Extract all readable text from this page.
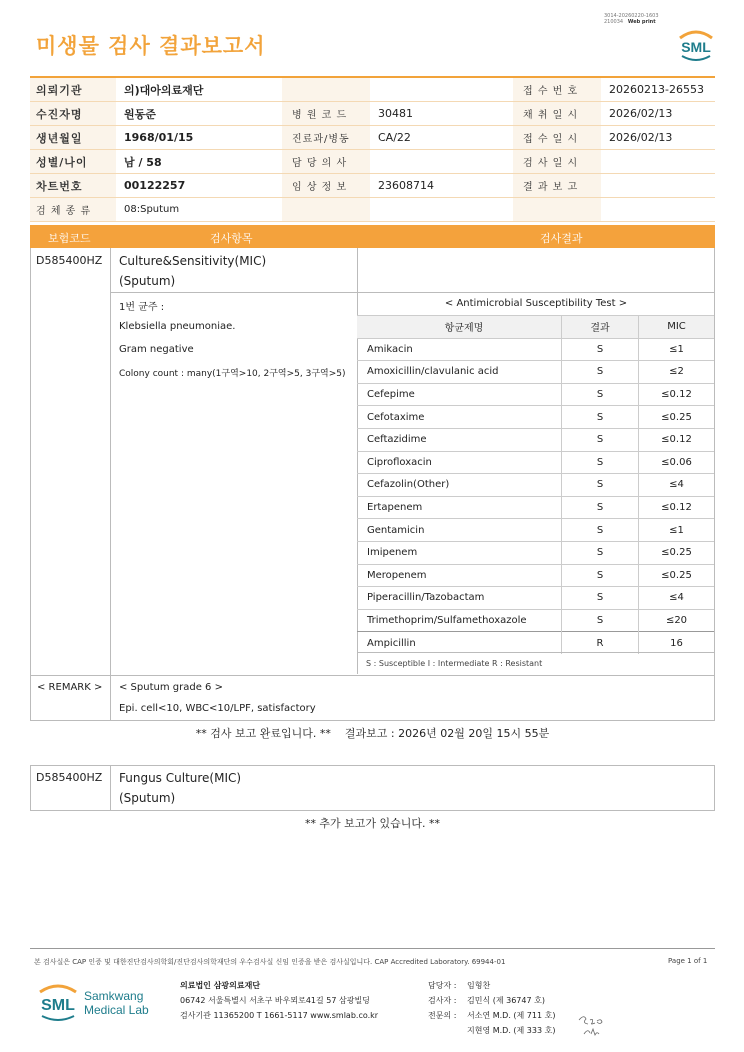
미생물 검사 결과보고서
3014-20260220-1603
210034 Web print
SML
의뢰기관	의)대아의료재단			접 수 번 호	20260213-26553
수진자명	원동준	병 원 코 드	30481	채 취 일 시	2026/02/13
생년월일	1968/01/15	진료과/병동	CA/22	접 수 일 시	2026/02/13
성별/나이	남 / 58	담 당 의 사		검 사 일 시	
차트번호	00122257	임 상 정 보	23608714	결 과 보 고	
검 체 종 류	08:Sputum				
보험코드	검사항목	검사결과
D585400HZ Culture&Sensitivity(MIC)
(Sputum)
1번 균주 :
Klebsiella pneumoniae.
Gram negative
Colony count : many(1구역>10, 2구역>5, 3구역>5)
< Antimicrobial Susceptibility Test >
항균제명	결과	MIC
Amikacin	S	≤1
Amoxicillin/clavulanic acid	S	≤2
Cefepime	S	≤0.12
Cefotaxime	S	≤0.25
Ceftazidime	S	≤0.12
Ciprofloxacin	S	≤0.06
Cefazolin(Other)	S	≤4
Ertapenem	S	≤0.12
Gentamicin	S	≤1
Imipenem	S	≤0.25
Meropenem	S	≤0.25
Piperacillin/Tazobactam	S	≤4
Trimethoprim/Sulfamethoxazole	S	≤20
Ampicillin	R	16
S : Susceptible I : Intermediate R : Resistant
< REMARK > < Sputum grade 6 >
Epi. cell<10, WBC<10/LPF, satisfactory
** 검사 보고 완료입니다. **    결과보고 : 2026년 02월 20일 15시 55분
D585400HZ Fungus Culture(MIC)
(Sputum)
** 추가 보고가 있습니다. **
본 검사실은 CAP 인증 및 대한진단검사의학회/진단검사의학재단의 우수검사실 신임 인증을 받은 검사실입니다. CAP Accredited Laboratory. 69944-01	Page 1 of 1
SML
Samkwang
Medical Lab
의료법인 삼광의료재단
06742 서울특별시 서초구 바우뫼로41길 57 삼광빌딩
검사기관 11365200 T 1661-5117 www.smlab.co.kr
담당자 : 임형찬
검사자 : 김민식 (제 36747 호)
전문의 : 서소연 M.D. (제 711 호)
지현영 M.D. (제 333 호)
